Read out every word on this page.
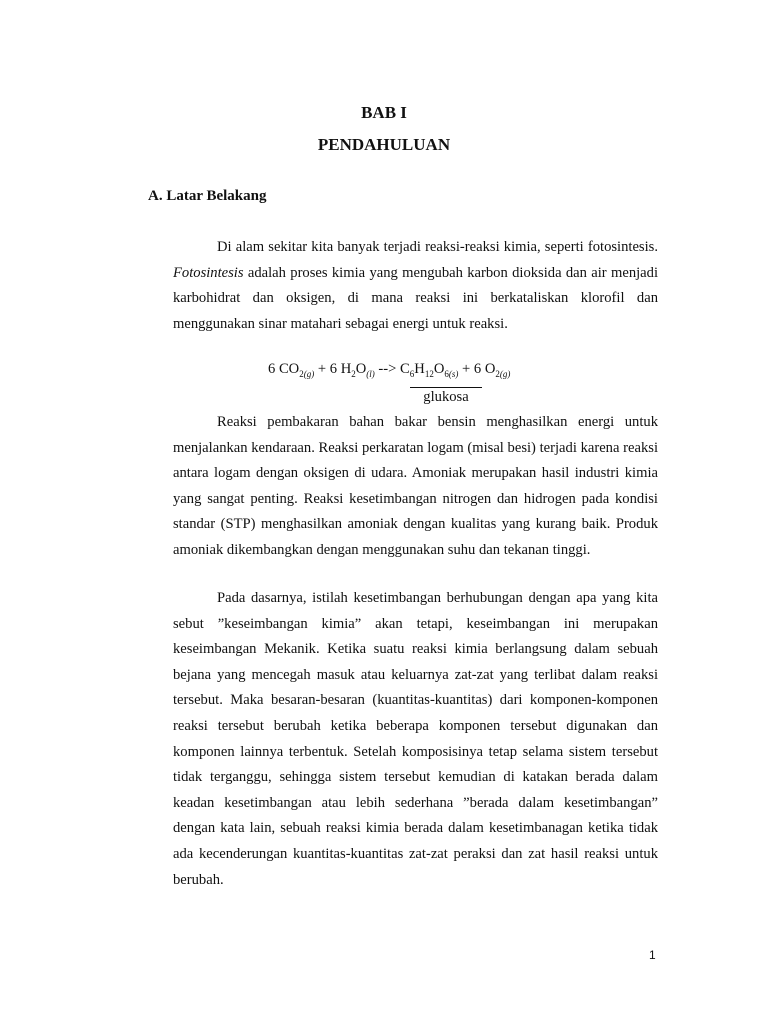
BAB I
PENDAHULUAN
A. Latar Belakang

Di alam sekitar kita banyak terjadi reaksi-reaksi kimia, seperti fotosintesis. Fotosintesis adalah proses kimia yang mengubah karbon dioksida dan air menjadi karbohidrat dan oksigen, di mana reaksi ini berkataliskan klorofil dan menggunakan sinar matahari sebagai energi untuk reaksi.

6 $CO_{2(g)} + 6$ $H_2O_{(l)}$ --> $C_6H_{12}O_{6(s)} + 6$ $O_{2(g)}$
glukosa

Reaksi pembakaran bahan bakar bensin menghasilkan energi untuk menjalankan kendaraan. Reaksi perkaratan logam (misal besi) terjadi karena reaksi antara logam dengan oksigen di udara. Amoniak merupakan hasil industri kimia yang sangat penting. Reaksi kesetimbangan nitrogen dan hidrogen pada kondisi standar (STP) menghasilkan amoniak dengan kualitas yang kurang baik. Produk amoniak dikembangkan dengan menggunakan suhu dan tekanan tinggi.

Pada dasarnya, istilah kesetimbangan berhubungan dengan apa yang kita sebut ”keseimbangan kimia” akan tetapi, keseimbangan ini merupakan keseimbangan Mekanik. Ketika suatu reaksi kimia berlangsung dalam sebuah bejana yang mencegah masuk atau keluarnya zat-zat yang terlibat dalam reaksi tersebut. Maka besaran-besaran (kuantitas-kuantitas) dari komponen-komponen reaksi tersebut berubah ketika beberapa komponen tersebut digunakan dan komponen lainnya terbentuk. Setelah komposisinya tetap selama sistem tersebut tidak terganggu, sehingga sistem tersebut kemudian di katakan berada dalam keadan kesetimbangan atau lebih sederhana ”berada dalam kesetimbangan” dengan kata lain, sebuah reaksi kimia berada dalam kesetimbanagan ketika tidak ada kecenderungan kuantitas-kuantitas zat-zat peraksi dan zat hasil reaksi untuk berubah.

1
